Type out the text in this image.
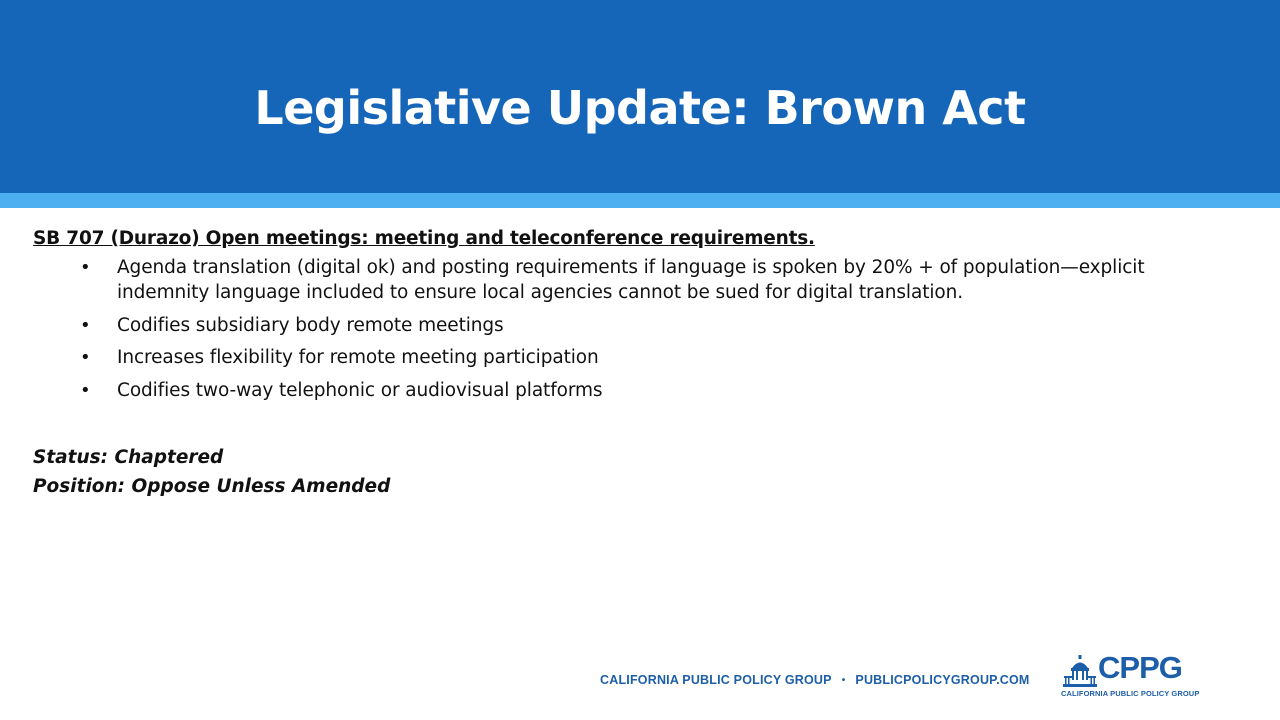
Legislative Update: Brown Act

SB 707 (Durazo) Open meetings: meeting and teleconference requirements.

• Agenda translation (digital ok) and posting requirements if language is spoken by 20% + of population—explicit indemnity language included to ensure local agencies cannot be sued for digital translation.
• Codifies subsidiary body remote meetings
• Increases flexibility for remote meeting participation
• Codifies two-way telephonic or audiovisual platforms
Status: Chaptered
Position: Oppose Unless Amended
CALIFORNIA PUBLIC POLICY GROUP • PUBLICPOLICYGROUP.COM CPPG
CALIFORNIA PUBLIC POLICY GROUP
